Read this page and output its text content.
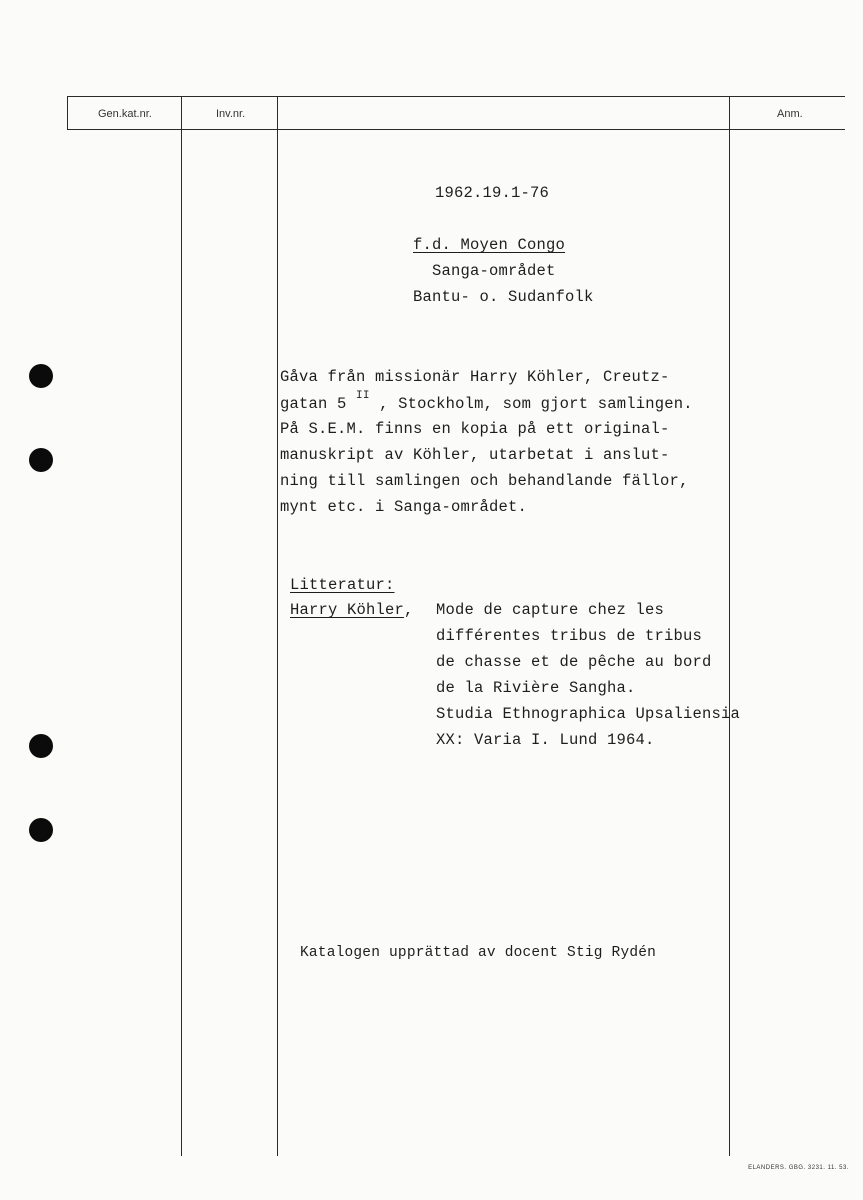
Gen.kat.nr.	Inv.nr.	Anm.
1962.19.1-76
f.d. Moyen Congo
Sanga-området
Bantu- o. Sudanfolk
Gåva från missionär Harry Köhler, Creutz-
gatan 5 $^{II}$ , Stockholm, som gjort samlingen.
På S.E.M. finns en kopia på ett original-
manuskript av Köhler, utarbetat i anslut-
ning till samlingen och behandlande fällor,
mynt etc. i Sanga-området.
Litteratur:
Harry Köhler, Mode de capture chez les
différentes tribus de tribus
de chasse et de pêche au bord
de la Rivière Sangha.
Studia Ethnographica Upsaliensia
XX: Varia I. Lund 1964.
Katalogen upprättad av docent Stig Rydén
ELANDERS. GBG. 3231. 11. 53.
